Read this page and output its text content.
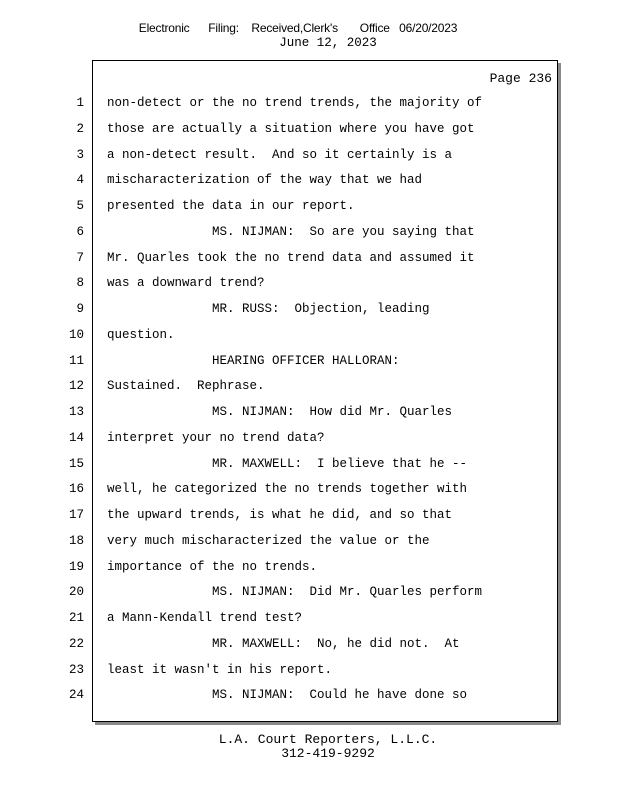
Electronic      Filing:    Received,Clerk's       Office   06/20/2023
June 12, 2023
Page 236
1 non-detect or the no trend trends, the majority of
2 those are actually a situation where you have got
3 a non-detect result.  And so it certainly is a
4 mischaracterization of the way that we had
5 presented the data in our report.
6 MS. NIJMAN:  So are you saying that
7 Mr. Quarles took the no trend data and assumed it
8 was a downward trend?
9 MR. RUSS:  Objection, leading
10 question.
11 HEARING OFFICER HALLORAN:
12 Sustained.  Rephrase.
13 MS. NIJMAN:  How did Mr. Quarles
14 interpret your no trend data?
15 MR. MAXWELL:  I believe that he --
16 well, he categorized the no trends together with
17 the upward trends, is what he did, and so that
18 very much mischaracterized the value or the
19 importance of the no trends.
20 MS. NIJMAN:  Did Mr. Quarles perform
21 a Mann-Kendall trend test?
22 MR. MAXWELL:  No, he did not.  At
23 least it wasn't in his report.
24 MS. NIJMAN:  Could he have done so
L.A. Court Reporters, L.L.C.
312-419-9292
